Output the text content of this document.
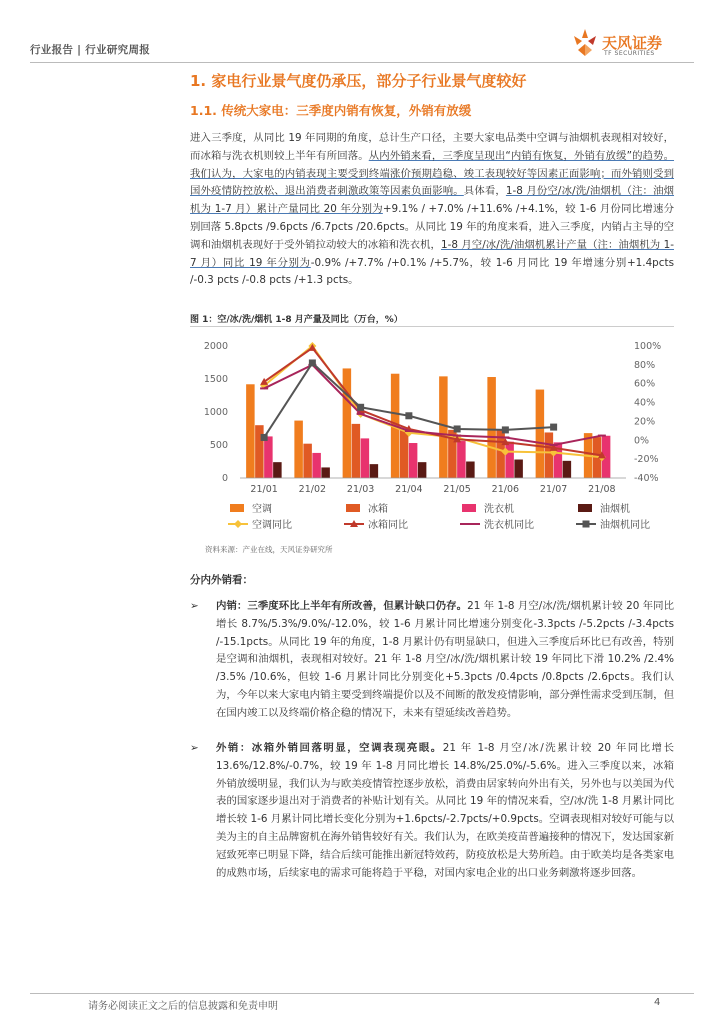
行业报告 | 行业研究周报	天风证券
TF SECURITIES
1. 家电行业景气度仍承压，部分子行业景气度较好
1.1. 传统大家电：三季度内销有恢复，外销有放缓
进入三季度，从同比 19 年同期的角度，总计生产口径，主要大家电品类中空调与油烟机表现相对较好，而冰箱与洗衣机则较上半年有所回落。从内外销来看，三季度呈现出“内销有恢复，外销有放缓”的趋势。我们认为，大家电的内销表现主要受到终端涨价预期趋稳、竣工表现较好等因素正面影响；而外销则受到国外疫情防控放松、退出消费者刺激政策等因素负面影响。具体看，1-8 月份空/冰/洗/油烟机（注：油烟机为 1-7 月）累计产量同比 20 年分别为+9.1% / +7.0% /+11.6% /+4.1%，较 1-6 月份同比增速分别回落 5.8pcts /9.6pcts /6.7pcts /20.6pcts。从同比 19 年的角度来看，进入三季度，内销占主导的空调和油烟机表现好于受外销拉动较大的冰箱和洗衣机，1-8 月空/冰/洗/油烟机累计产量（注：油烟机为 1-7 月）同比 19 年分别为-0.9% /+7.7% /+0.1% /+5.7%，较 1-6 月同比 19 年增速分别+1.4pcts /-0.3 pcts /-0.8 pcts /+1.3 pcts。
图 1：空/冰/洗/烟机 1-8 月产量及同比（万台，%）
2000
1500
1000
500
0
100%
80%
60%
40%
20%
0%
-20%
-40%
21/01 21/02 21/03 21/04 21/05 21/06 21/07 21/08
空调	冰箱	洗衣机	油烟机
空调同比	冰箱同比	洗衣机同比	油烟机同比
资料来源：产业在线，天风证券研究所
分内外销看：
➢ 内销：三季度环比上半年有所改善，但累计缺口仍存。21 年 1-8 月空/冰/洗/烟机累计较 20 年同比增长 8.7%/5.3%/9.0%/-12.0%，较 1-6 月累计同比增速分别变化-3.3pcts /-5.2pcts /-3.4pcts /-15.1pcts。从同比 19 年的角度，1-8 月累计仍有明显缺口，但进入三季度后环比已有改善，特别是空调和油烟机，表现相对较好。21 年 1-8 月空/冰/洗/烟机累计较 19 年同比下滑 10.2% /2.4% /3.5% /10.6%，但较 1-6 月累计同比分别变化+5.3pcts /0.4pcts /0.8pcts /2.6pcts。我们认为，今年以来大家电内销主要受到终端提价以及不间断的散发疫情影响，部分弹性需求受到压制，但在国内竣工以及终端价格企稳的情况下，未来有望延续改善趋势。
➢ 外销：冰箱外销回落明显，空调表现亮眼。21 年 1-8 月空/冰/洗累计较 20 年同比增长 13.6%/12.8%/-0.7%，较 19 年 1-8 月同比增长 14.8%/25.0%/-5.6%。进入三季度以来，冰箱外销放缓明显，我们认为与欧美疫情管控逐步放松，消费由居家转向外出有关，另外也与以美国为代表的国家逐步退出对于消费者的补贴计划有关。从同比 19 年的情况来看，空/冰/洗 1-8 月累计同比增长较 1-6 月累计同比增长变化分别为+1.6pcts/-2.7pcts/+0.9pcts。空调表现相对较好可能与以美为主的自主品牌窗机在海外销售较好有关。我们认为，在欧美疫苗普遍接种的情况下，发达国家新冠致死率已明显下降，结合后续可能推出新冠特效药，防疫放松是大势所趋。由于欧美均是各类家电的成熟市场，后续家电的需求可能将趋于平稳，对国内家电企业的出口业务刺激将逐步回落。
请务必阅读正文之后的信息披露和免责申明	4
